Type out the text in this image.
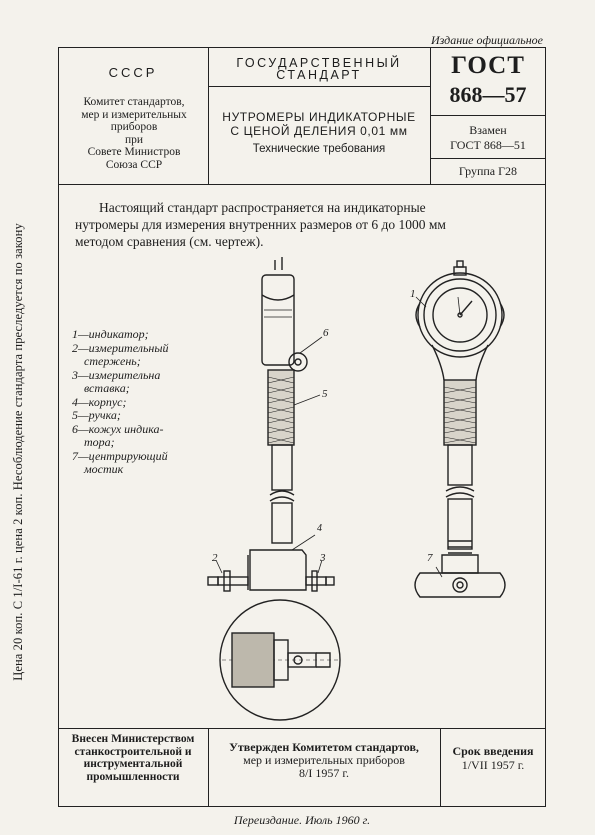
Издание официальное
Цена 20 коп. С 1/I-61 г. цена 2 коп. Несоблюдение стандарта преследуется по закону
СССР
Комитет стандартов,
мер и измерительных
приборов
при
Совете Министров
Союза ССР
ГОСУДАРСТВЕННЫЙ
СТАНДАРТ
НУТРОМЕРЫ ИНДИКАТОРНЫЕ
С ЦЕНОЙ ДЕЛЕНИЯ 0,01 мм
Технические требования
ГОСТ
868—57
Взамен
ГОСТ 868—51
Группа Г28
Настоящий стандарт распространяется на индикаторные
нутромеры для измерения внутренних размеров от 6 до 1000 мм
методом сравнения (см. чертеж).
1—индикатор;
2—измерительный
стержень;
3—измерительна
вставка;
4—корпус;
5—ручка;
6—кожух индика-
тора;
7—центрирующий
мостик
1
6
5
4
2	3	7
Внесен Министерством
станкостроительной и
инструментальной
промышленности
Утвержден Комитетом стандартов,
мер и измерительных приборов
8/I 1957 г.
Срок введения
1/VII 1957 г.
Переиздание. Июль 1960 г.
